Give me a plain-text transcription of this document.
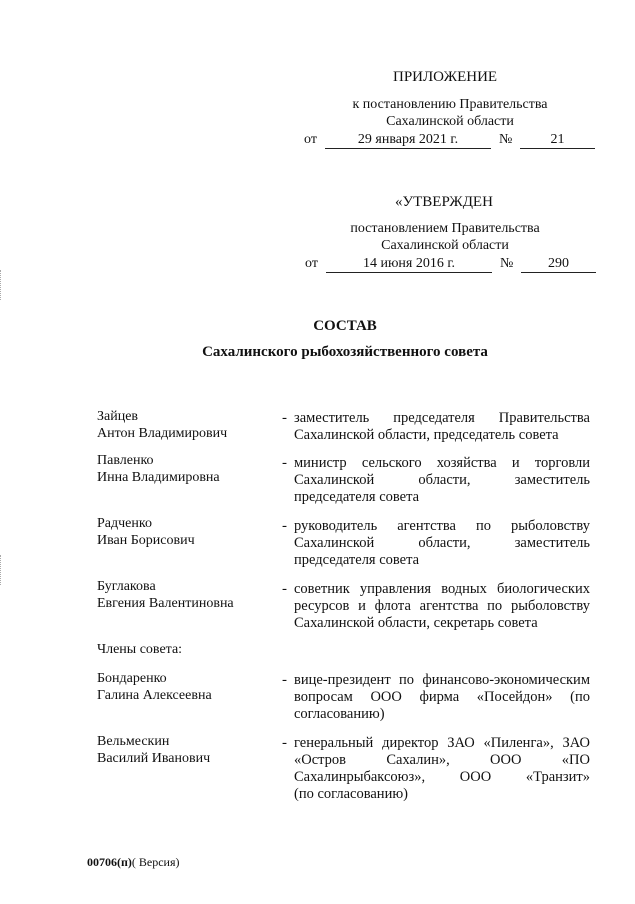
ПРИЛОЖЕНИЕ
к постановлению Правительства
Сахалинской области
от	29 января 2021 г.	№	21
«УТВЕРЖДЕН
постановлением Правительства
Сахалинской области
от	14 июня 2016 г.	№	290
СОСТАВ
Сахалинского рыбохозяйственного совета
Зайцев
Антон Владимирович
- заместитель председателя Правительства
Сахалинской области, председатель совета
Павленко
Инна Владимировна
- министр сельского хозяйства и торговли
Сахалинской области, заместитель
председателя совета
Радченко
Иван Борисович
- руководитель агентства по рыболовству
Сахалинской области, заместитель
председателя совета
Буглакова
Евгения Валентиновна
- советник управления водных биологических
ресурсов и флота агентства по рыболовству
Сахалинской области, секретарь совета
Члены совета:
Бондаренко
Галина Алексеевна
- вице-президент по финансово-экономическим
вопросам ООО фирма «Посейдон» (по
согласованию)
Вельмескин
Василий Иванович
- генеральный директор ЗАО «Пиленга», ЗАО
«Остров Сахалин», ООО «ПО
Сахалинрыбаксоюз», ООО «Транзит»
(по согласованию)
00706(п)( Версия)
